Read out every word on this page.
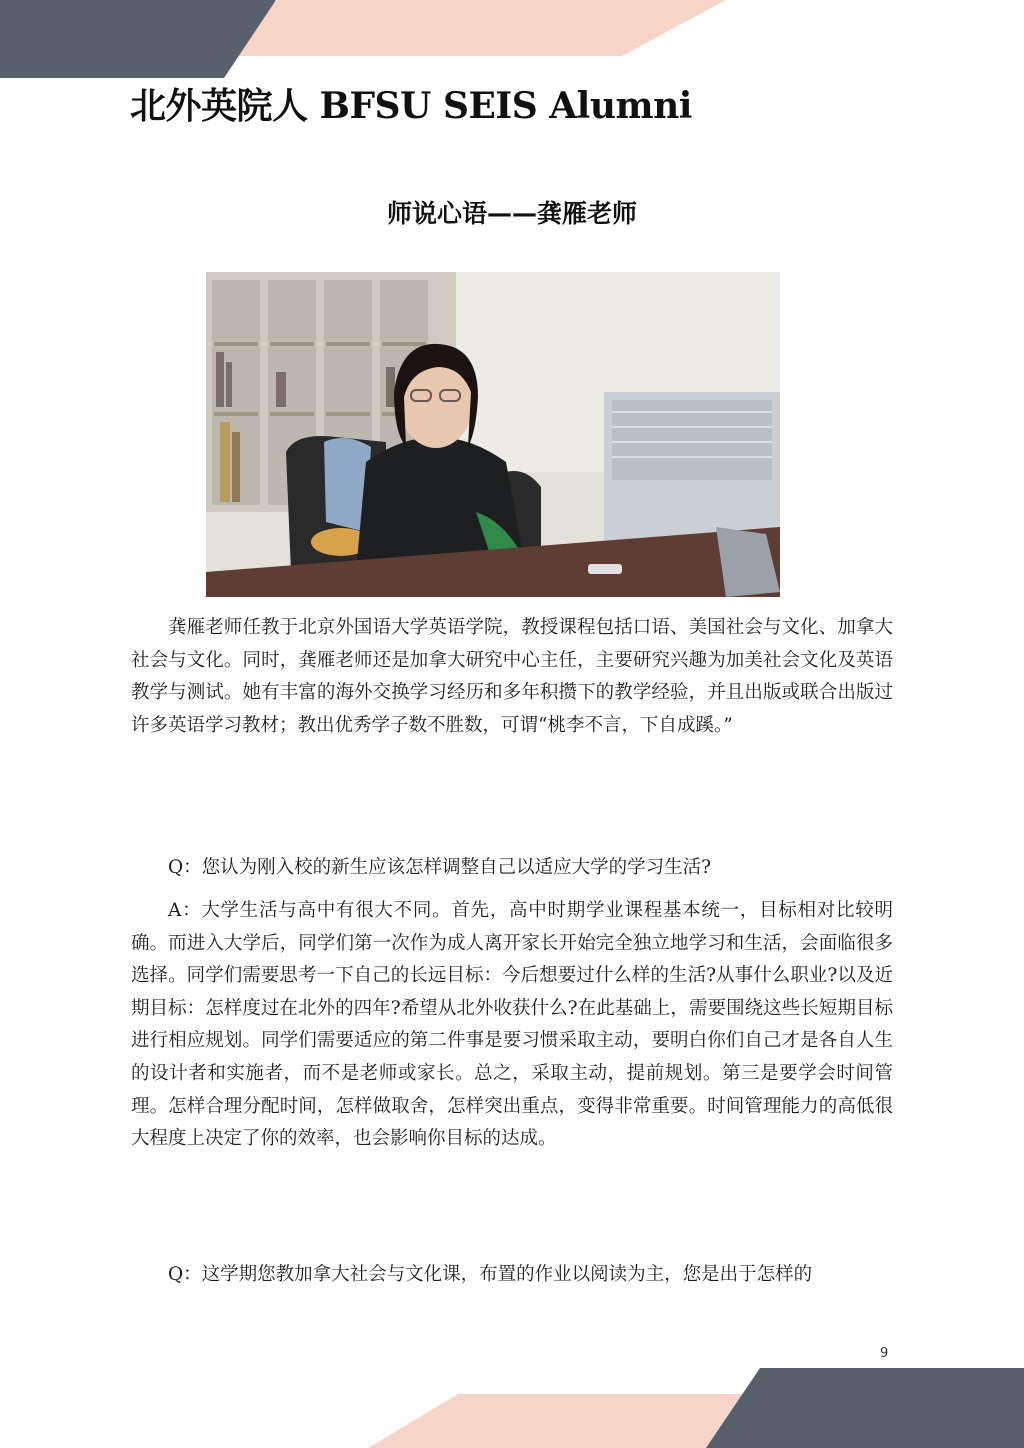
北外英院人 BFSU SEIS Alumni
师说心语——龚雁老师

龚雁老师任教于北京外国语大学英语学院，教授课程包括口语、美国社会与文化、加拿大社会与文化。同时，龚雁老师还是加拿大研究中心主任，主要研究兴趣为加美社会文化及英语教学与测试。她有丰富的海外交换学习经历和多年积攒下的教学经验，并且出版或联合出版过许多英语学习教材；教出优秀学子数不胜数，可谓“桃李不言，下自成蹊。”

Q：您认为刚入校的新生应该怎样调整自己以适应大学的学习生活?

A：大学生活与高中有很大不同。首先，高中时期学业课程基本统一，目标相对比较明确。而进入大学后，同学们第一次作为成人离开家长开始完全独立地学习和生活，会面临很多选择。同学们需要思考一下自己的长远目标：今后想要过什么样的生活?从事什么职业?以及近期目标：怎样度过在北外的四年?希望从北外收获什么?在此基础上，需要围绕这些长短期目标进行相应规划。同学们需要适应的第二件事是要习惯采取主动，要明白你们自己才是各自人生的设计者和实施者，而不是老师或家长。总之，采取主动，提前规划。第三是要学会时间管理。怎样合理分配时间，怎样做取舍，怎样突出重点，变得非常重要。时间管理能力的高低很大程度上决定了你的效率，也会影响你目标的达成。

Q：这学期您教加拿大社会与文化课，布置的作业以阅读为主，您是出于怎样的

9
